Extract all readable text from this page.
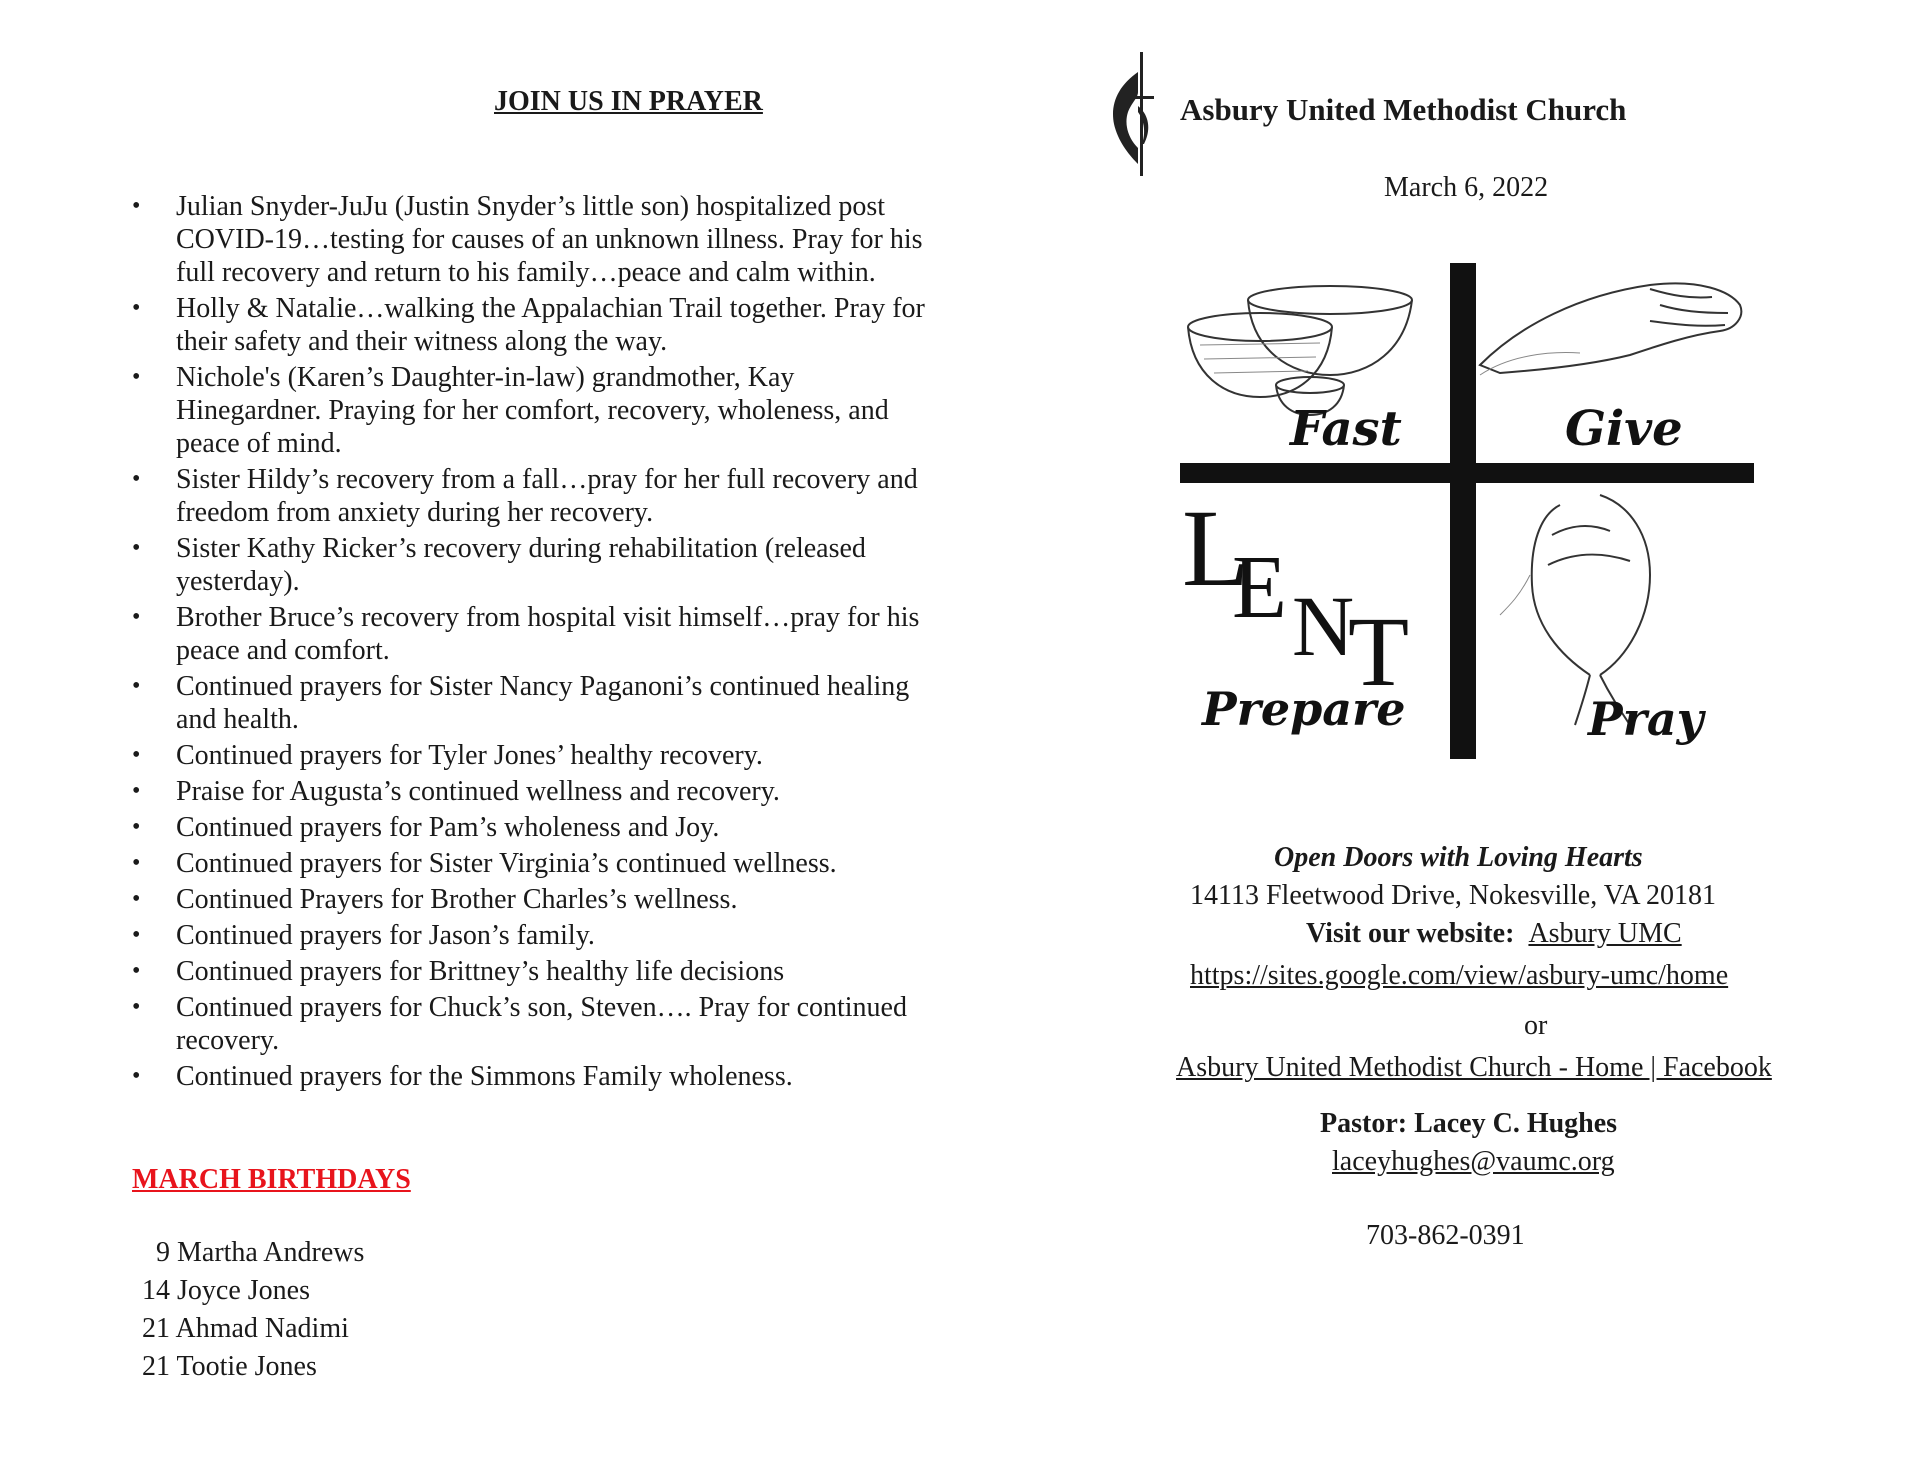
JOIN US IN PRAYER
• Julian Snyder-JuJu (Justin Snyder’s little son) hospitalized post COVID-19…testing for causes of an unknown illness. Pray for his full recovery and return to his family…peace and calm within.
• Holly & Natalie…walking the Appalachian Trail together. Pray for their safety and their witness along the way.
• Nichole's (Karen’s Daughter-in-law) grandmother, Kay Hinegardner. Praying for her comfort, recovery, wholeness, and peace of mind.
• Sister Hildy’s recovery from a fall…pray for her full recovery and freedom from anxiety during her recovery.
• Sister Kathy Ricker’s recovery during rehabilitation (released yesterday).
• Brother Bruce’s recovery from hospital visit himself…pray for his peace and comfort.
• Continued prayers for Sister Nancy Paganoni’s continued healing and health.
• Continued prayers for Tyler Jones’ healthy recovery.
• Praise for Augusta’s continued wellness and recovery.
• Continued prayers for Pam’s wholeness and Joy.
• Continued prayers for Sister Virginia’s continued wellness.
• Continued Prayers for Brother Charles’s wellness.
• Continued prayers for Jason’s family.
• Continued prayers for Brittney’s healthy life decisions
• Continued prayers for Chuck’s son, Steven…. Pray for continued recovery.
• Continued prayers for the Simmons Family wholeness.
MARCH BIRTHDAYS
9 Martha Andrews
14 Joyce Jones
21 Ahmad Nadimi
21 Tootie Jones
Asbury United Methodist Church
March 6, 2022
Fast	Give
L
E N
T
Prepare	Pray
Open Doors with Loving Hearts
14113 Fleetwood Drive, Nokesville, VA 20181
Visit our website: Asbury UMC
https://sites.google.com/view/asbury-umc/home
or
Asbury United Methodist Church - Home | Facebook
Pastor: Lacey C. Hughes
laceyhughes@vaumc.org
703-862-0391
